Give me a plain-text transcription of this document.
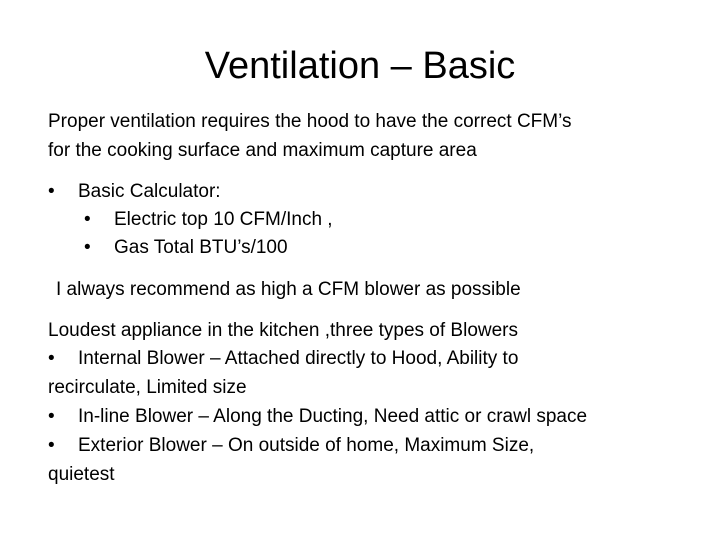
Ventilation – Basic
Proper ventilation requires the hood to have the correct CFM’s
for the cooking surface and maximum capture area
• Basic Calculator:
• Electric top 10 CFM/Inch ,
• Gas Total BTU’s/100
I always recommend as high a CFM blower as possible
Loudest appliance in the kitchen ,three types of Blowers
• Internal Blower – Attached directly to Hood, Ability to
recirculate, Limited size
• In-line Blower – Along the Ducting, Need attic or crawl space
• Exterior Blower – On outside of home, Maximum Size,
quietest
